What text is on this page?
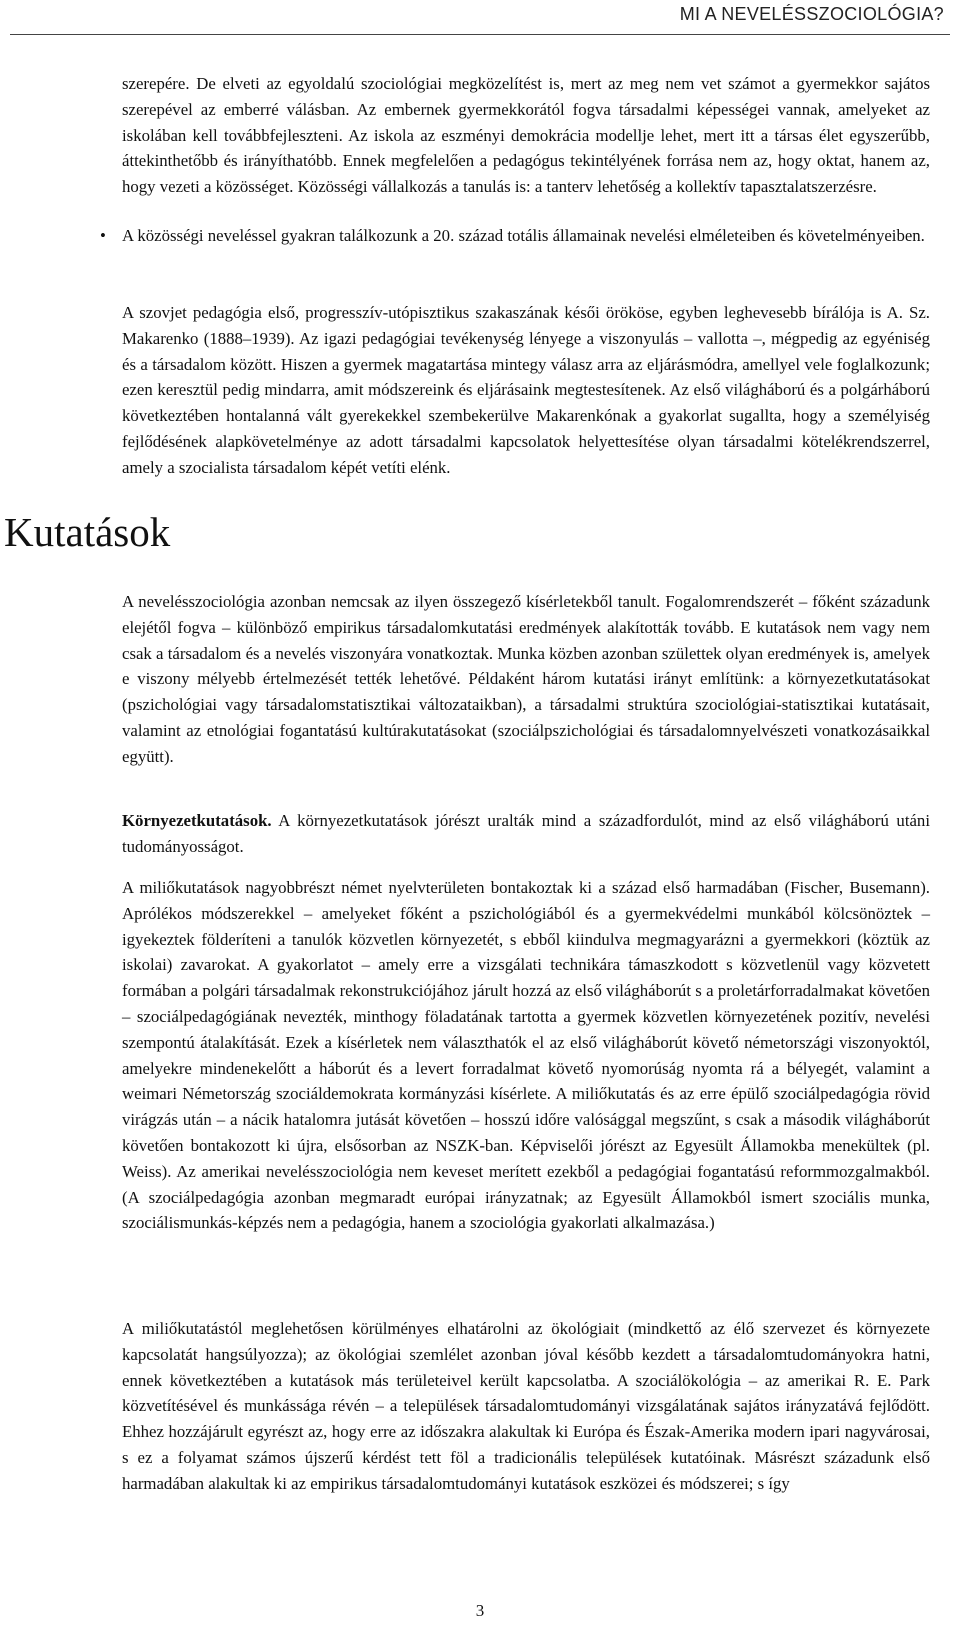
MI A NEVELÉSSZOCIOLÓGIA?

szerepére. De elveti az egyoldalú szociológiai megközelítést is, mert az meg nem vet számot a gyermekkor sajátos szerepével az emberré válásban. Az embernek gyermekkorától fogva társadalmi képességei vannak, amelyeket az iskolában kell továbbfejleszteni. Az iskola az eszményi demokrácia modellje lehet, mert itt a társas élet egyszerűbb, áttekinthetőbb és irányíthatóbb. Ennek megfelelően a pedagógus tekintélyének forrása nem az, hogy oktat, hanem az, hogy vezeti a közösséget. Közösségi vállalkozás a tanulás is: a tanterv lehetőség a kollektív tapasztalatszerzésre.

• A közösségi neveléssel gyakran találkozunk a 20. század totális államainak nevelési elméleteiben és követelményeiben.

A szovjet pedagógia első, progresszív-utópisztikus szakaszának késői örököse, egyben leghevesebb bírálója is A. Sz. Makarenko (1888–1939). Az igazi pedagógiai tevékenység lényege a viszonyulás – vallotta –, mégpedig az egyéniség és a társadalom között. Hiszen a gyermek magatartása mintegy válasz arra az eljárásmódra, amellyel vele foglalkozunk; ezen keresztül pedig mindarra, amit módszereink és eljárásaink megtestesítenek. Az első világháború és a polgárháború következtében hontalanná vált gyerekekkel szembekerülve Makarenkónak a gyakorlat sugallta, hogy a személyiség fejlődésének alapkövetelménye az adott társadalmi kapcsolatok helyettesítése olyan társadalmi kötelékrendszerrel, amely a szocialista társadalom képét vetíti elénk.

Kutatások

A nevelésszociológia azonban nemcsak az ilyen összegező kísérletekből tanult. Fogalomrendszerét – főként századunk elejétől fogva – különböző empirikus társadalomkutatási eredmények alakították tovább. E kutatások nem vagy nem csak a társadalom és a nevelés viszonyára vonatkoztak. Munka közben azonban születtek olyan eredmények is, amelyek e viszony mélyebb értelmezését tették lehetővé. Példaként három kutatási irányt említünk: a környezetkutatásokat (pszichológiai vagy társadalomstatisztikai változataikban), a társadalmi struktúra szociológiai-statisztikai kutatásait, valamint az etnológiai fogantatású kultúrakutatásokat (szociálpszichológiai és társadalomnyelvészeti vonatkozásaikkal együtt).

Környezetkutatások. A környezetkutatások jórészt uralták mind a századfordulót, mind az első világháború utáni tudományosságot.

A miliőkutatások nagyobbrészt német nyelvterületen bontakoztak ki a század első harmadában (Fischer, Busemann). Aprólékos módszerekkel – amelyeket főként a pszichológiából és a gyermekvédelmi munkából kölcsönöztek – igyekeztek földeríteni a tanulók közvetlen környezetét, s ebből kiindulva megmagyarázni a gyermekkori (köztük az iskolai) zavarokat. A gyakorlatot – amely erre a vizsgálati technikára támaszkodott s közvetlenül vagy közvetett formában a polgári társadalmak rekonstrukciójához járult hozzá az első világháborút s a proletárforradalmakat követően – szociálpedagógiának nevezték, minthogy föladatának tartotta a gyermek közvetlen környezetének pozitív, nevelési szempontú átalakítását. Ezek a kísérletek nem választhatók el az első világháborút követő németországi viszonyoktól, amelyekre mindenekelőtt a háborút és a levert forradalmat követő nyomorúság nyomta rá a bélyegét, valamint a weimari Németország szociáldemokrata kormányzási kísérlete. A miliőkutatás és az erre épülő szociálpedagógia rövid virágzás után – a nácik hatalomra jutását követően – hosszú időre valósággal megszűnt, s csak a második világháborút követően bontakozott ki újra, elsősorban az NSZK-ban. Képviselői jórészt az Egyesült Államokba menekültek (pl. Weiss). Az amerikai nevelésszociológia nem keveset merített ezekből a pedagógiai fogantatású reformmozgalmakból. (A szociálpedagógia azonban megmaradt európai irányzatnak; az Egyesült Államokból ismert szociális munka, szociálismunkás-képzés nem a pedagógia, hanem a szociológia gyakorlati alkalmazása.)

A miliőkutatástól meglehetősen körülményes elhatárolni az ökológiait (mindkettő az élő szervezet és környezete kapcsolatát hangsúlyozza); az ökológiai szemlélet azonban jóval később kezdett a társadalomtudományokra hatni, ennek következtében a kutatások más területeivel került kapcsolatba. A szociálökológia – az amerikai R. E. Park közvetítésével és munkássága révén – a települések társadalomtudományi vizsgálatának sajátos irányzatává fejlődött. Ehhez hozzájárult egyrészt az, hogy erre az időszakra alakultak ki Európa és Észak-Amerika modern ipari nagyvárosai, s ez a folyamat számos újszerű kérdést tett föl a tradicionális települések kutatóinak. Másrészt századunk első harmadában alakultak ki az empirikus társadalomtudományi kutatások eszközei és módszerei; s így

3
